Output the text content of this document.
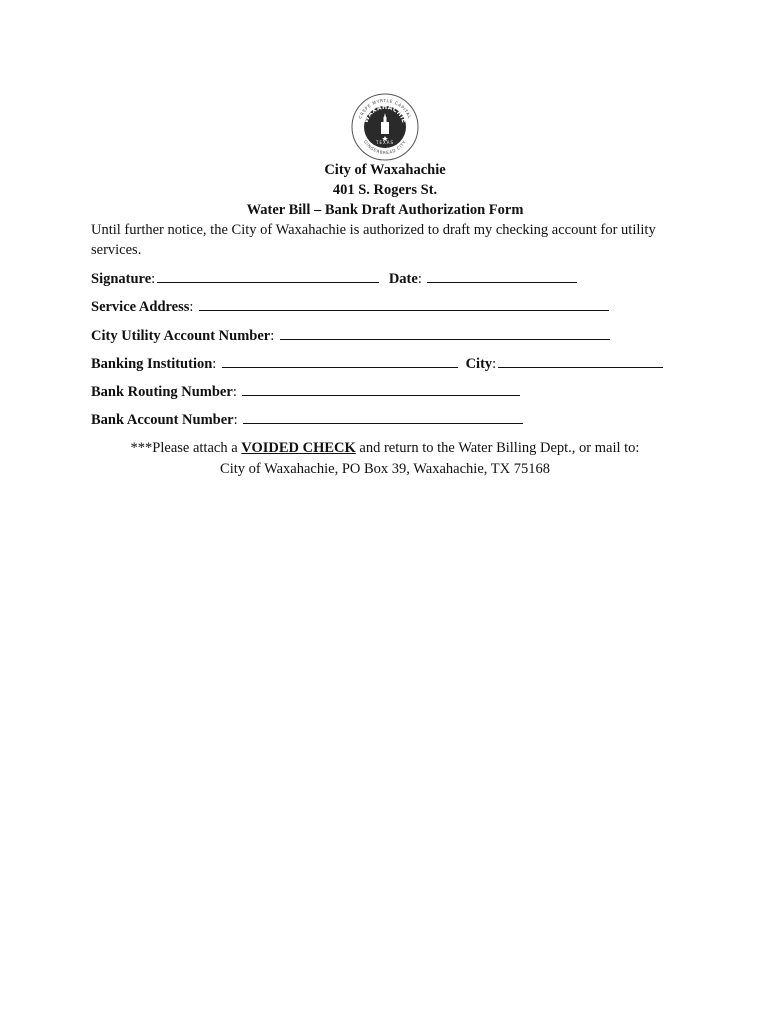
CREPE MYRTLE CAPITAL
GINGERBREAD CITY
WAXAHACHIE
TEXAS
City of Waxahachie
401 S. Rogers St.
Water Bill – Bank Draft Authorization Form
Until further notice, the City of Waxahachie is authorized to draft my checking account for utility services.
Signature:	Date:
Service Address:
City Utility Account Number:
Banking Institution:	City:
Bank Routing Number:
Bank Account Number:
***Please attach a VOIDED CHECK and return to the Water Billing Dept., or mail to:
City of Waxahachie, PO Box 39, Waxahachie, TX 75168
